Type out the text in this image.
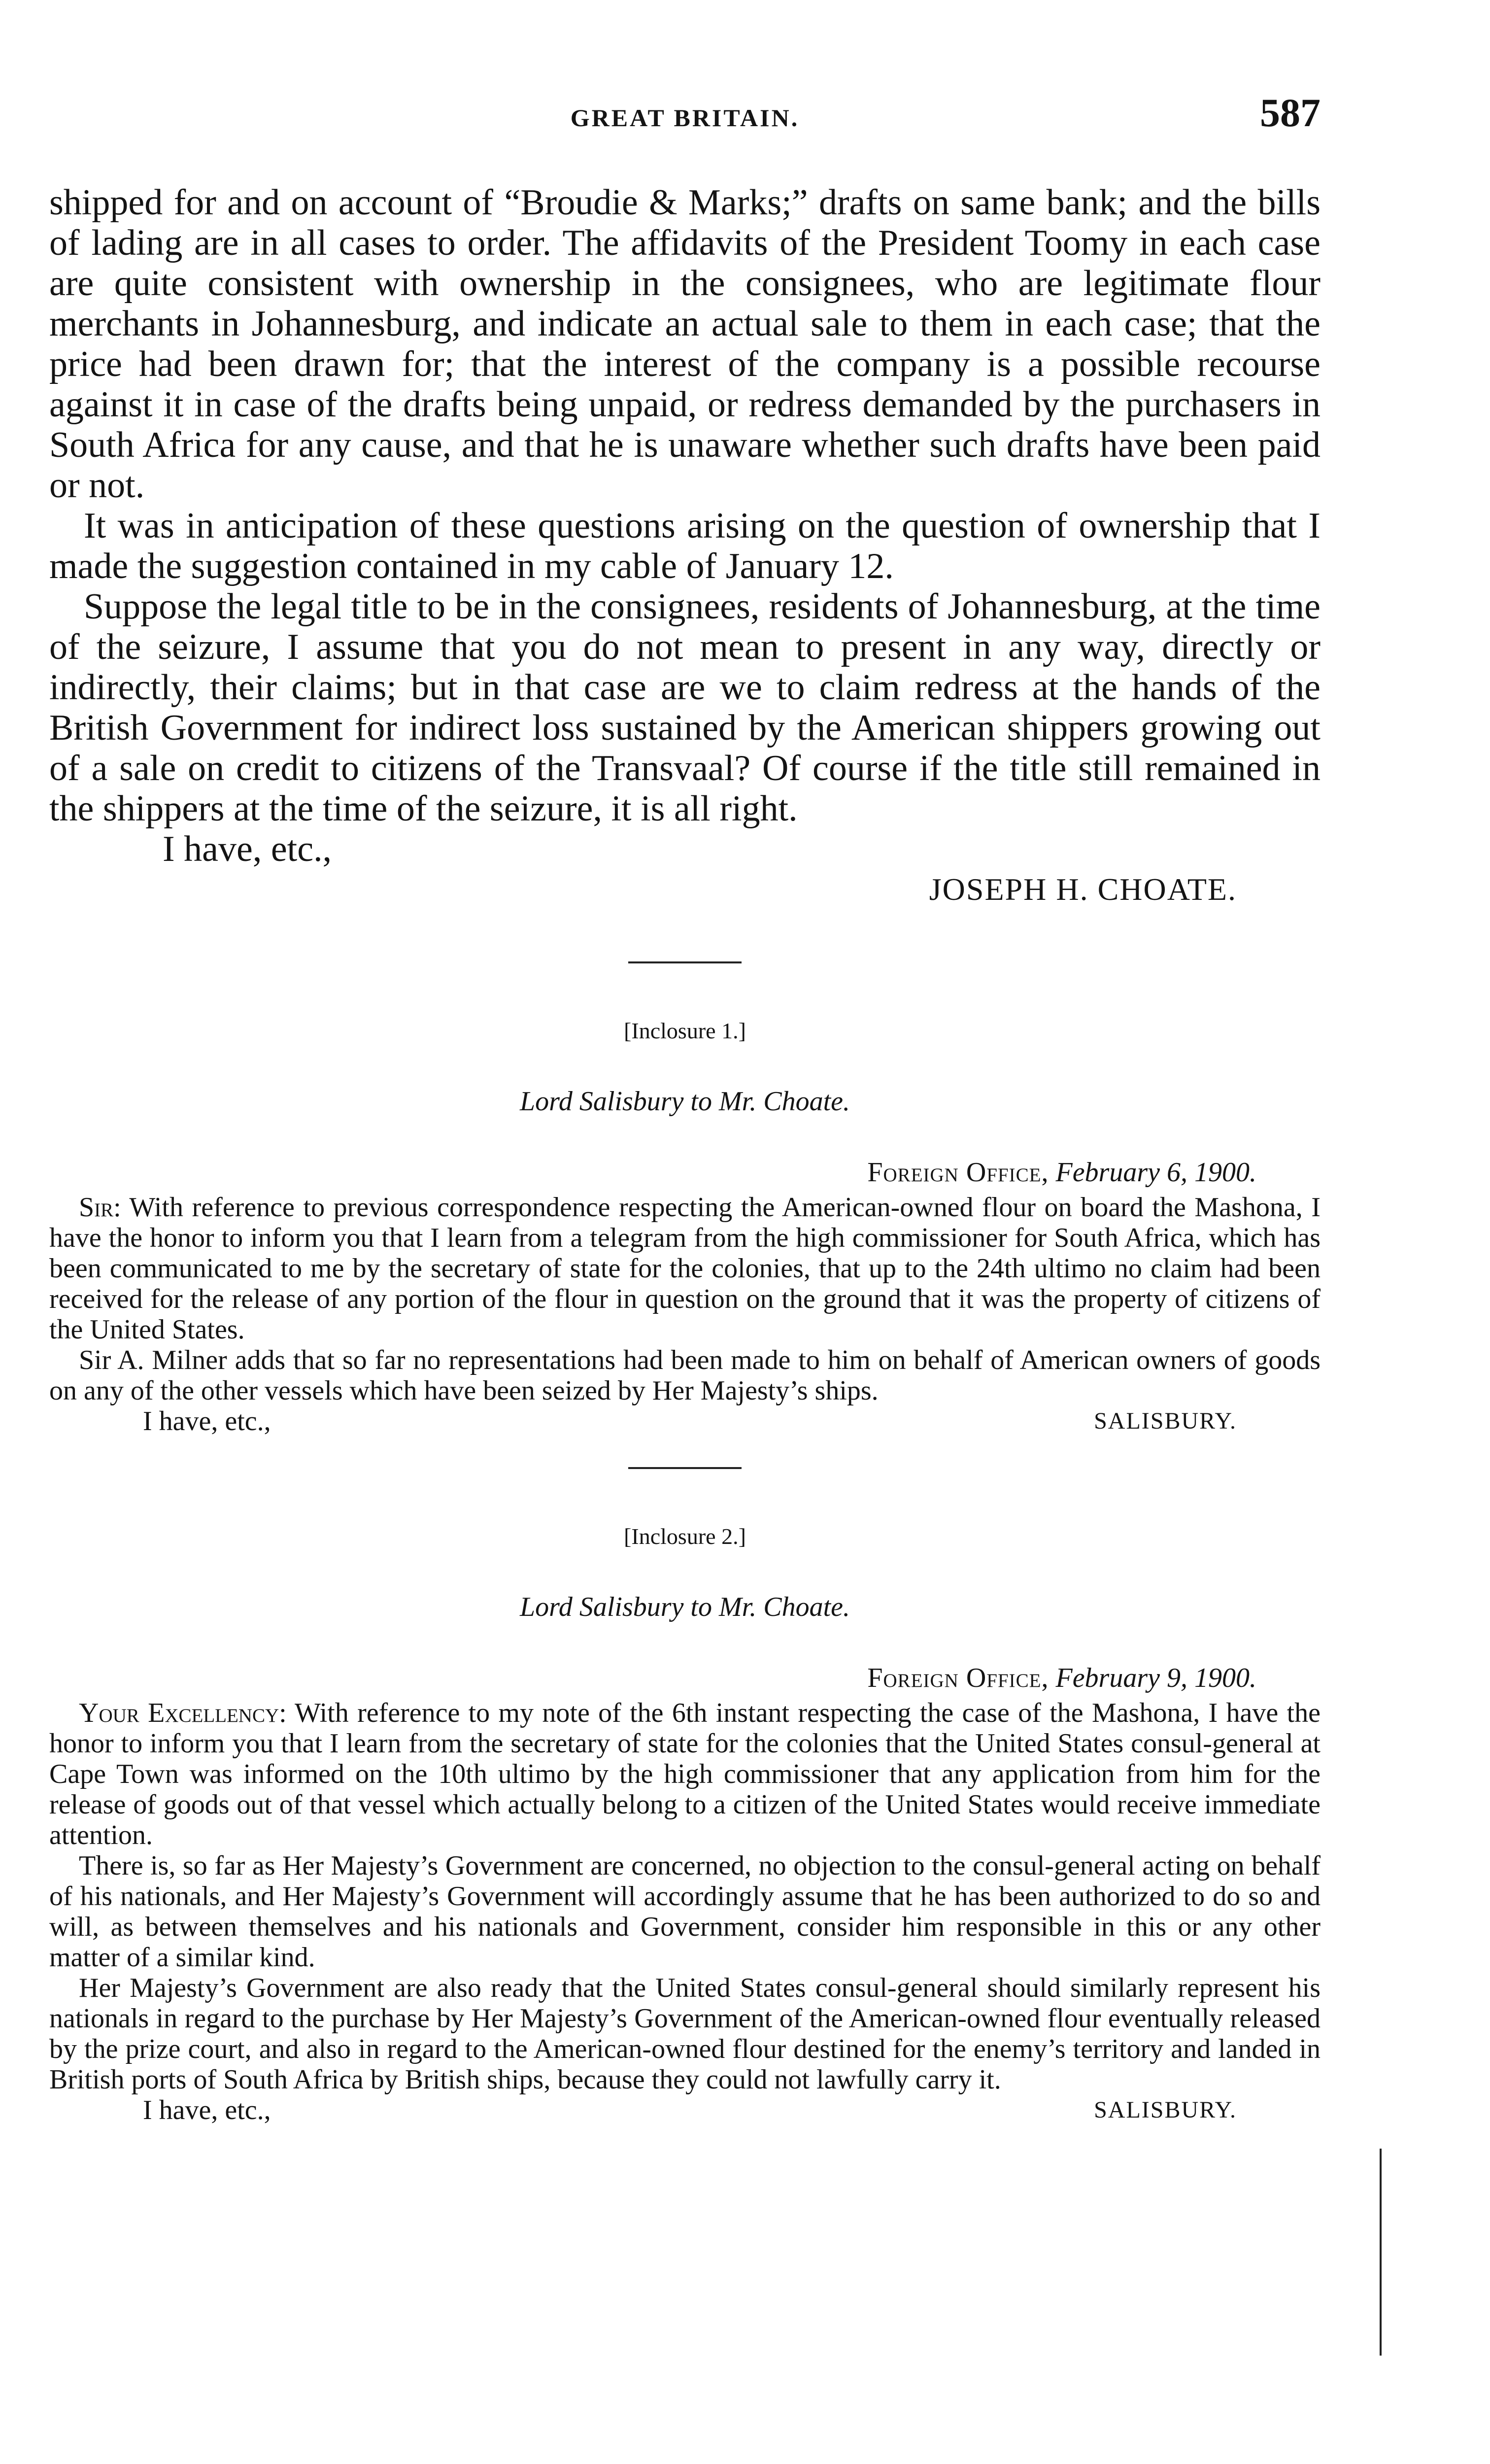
GREAT BRITAIN.	587

shipped for and on account of “Broudie & Marks;” drafts on same bank; and the bills of lading are in all cases to order. The affidavits of the President Toomy in each case are quite consistent with ownership in the consignees, who are legitimate flour merchants in Johannesburg, and indicate an actual sale to them in each case; that the price had been drawn for; that the interest of the company is a possible recourse against it in case of the drafts being unpaid, or redress demanded by the purchasers in South Africa for any cause, and that he is unaware whether such drafts have been paid or not.

It was in anticipation of these questions arising on the question of ownership that I made the suggestion contained in my cable of January 12.

Suppose the legal title to be in the consignees, residents of Johannesburg, at the time of the seizure, I assume that you do not mean to present in any way, directly or indirectly, their claims; but in that case are we to claim redress at the hands of the British Government for indirect loss sustained by the American shippers growing out of a sale on credit to citizens of the Transvaal? Of course if the title still remained in the shippers at the time of the seizure, it is all right.

I have, etc.,

JOSEPH H. CHOATE.

[Inclosure 1.]
Lord Salisbury to Mr. Choate.
Foreign Office, February 6, 1900.

Sir: With reference to previous correspondence respecting the American-owned flour on board the Mashona, I have the honor to inform you that I learn from a telegram from the high commissioner for South Africa, which has been communicated to me by the secretary of state for the colonies, that up to the 24th ultimo no claim had been received for the release of any portion of the flour in question on the ground that it was the property of citizens of the United States.

Sir A. Milner adds that so far no representations had been made to him on behalf of American owners of goods on any of the other vessels which have been seized by Her Majesty’s ships.

I have, etc.,	SALISBURY.
[Inclosure 2.]
Lord Salisbury to Mr. Choate.
Foreign Office, February 9, 1900.

Your Excellency: With reference to my note of the 6th instant respecting the case of the Mashona, I have the honor to inform you that I learn from the secretary of state for the colonies that the United States consul-general at Cape Town was informed on the 10th ultimo by the high commissioner that any application from him for the release of goods out of that vessel which actually belong to a citizen of the United States would receive immediate attention.

There is, so far as Her Majesty’s Government are concerned, no objection to the consul-general acting on behalf of his nationals, and Her Majesty’s Government will accordingly assume that he has been authorized to do so and will, as between themselves and his nationals and Government, consider him responsible in this or any other matter of a similar kind.

Her Majesty’s Government are also ready that the United States consul-general should similarly represent his nationals in regard to the purchase by Her Majesty’s Government of the American-owned flour eventually released by the prize court, and also in regard to the American-owned flour destined for the enemy’s territory and landed in British ports of South Africa by British ships, because they could not lawfully carry it.

I have, etc.,	SALISBURY.
